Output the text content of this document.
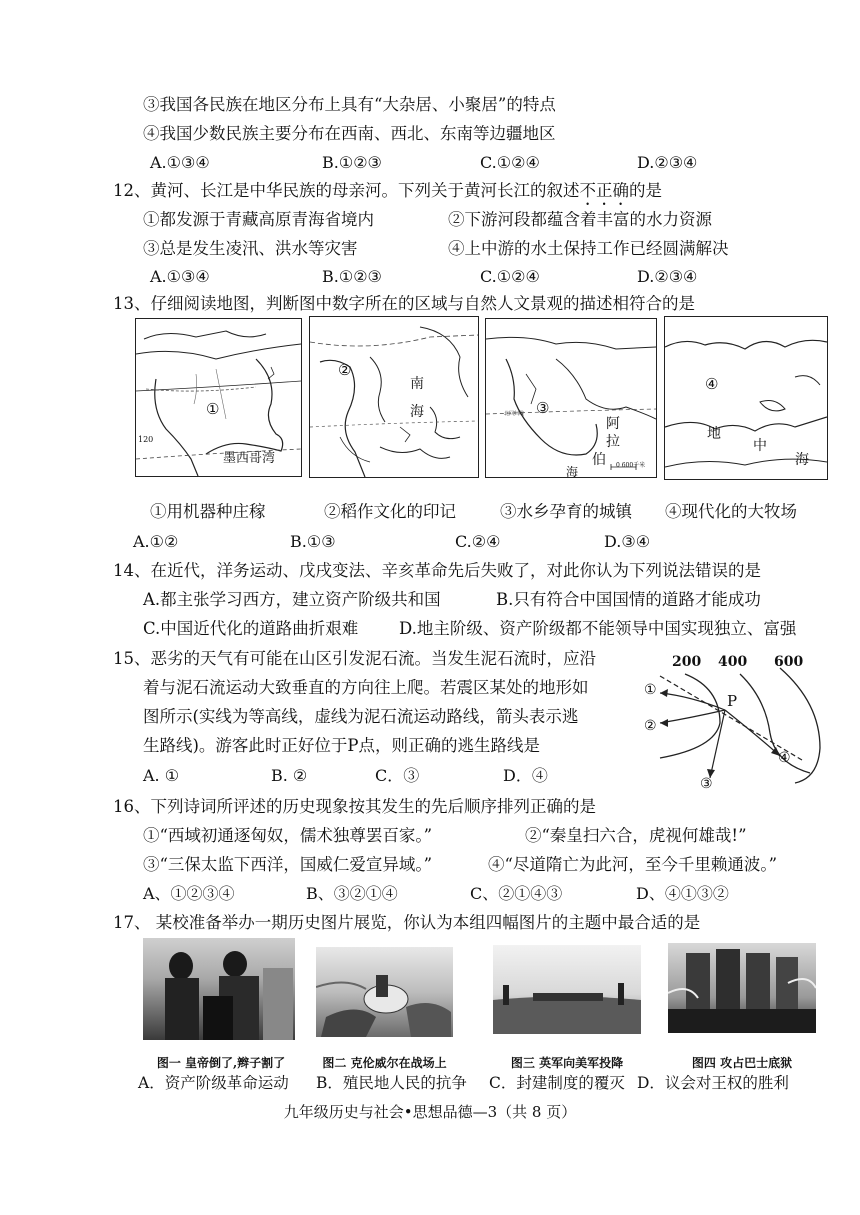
③我国各民族在地区分布上具有“大杂居、小聚居”的特点
④我国少数民族主要分布在西南、西北、东南等边疆地区
A.①③④	B.①②③	C.①②④	D.②③④
12、黄河、长江是中华民族的母亲河。下列关于黄河长江的叙述不正确的是
①都发源于青藏高原青海省境内	②下游河段都蕴含着丰富的水力资源
③总是发生凌汛、洪水等灾害	④上中游的水土保持工作已经圆满解决
A.①③④	B.①②③	C.①②④	D.②③④
13、仔细阅读地图，判断图中数字所在的区域与自然人文景观的描述相符合的是
①
墨西哥湾
120
②
南
海	③
阿
拉
伯
海	0 600千米
北回归线
④
地
中
海
①用机器种庄稼	②稻作文化的印记	③水乡孕育的城镇 ④现代化的大牧场
A.①②	B.①③	C.②④	D.③④
14、在近代，洋务运动、戊戌变法、辛亥革命先后失败了，对此你认为下列说法错误的是
A.都主张学习西方，建立资产阶级共和国	B.只有符合中国国情的道路才能成功
C.中国近代化的道路曲折艰难 D.地主阶级、资产阶级都不能领导中国实现独立、富强
15、恶劣的天气有可能在山区引发泥石流。当发生泥石流时，应沿
着与泥石流运动大致垂直的方向往上爬。若震区某处的地形如
图所示(实线为等高线，虚线为泥石流运动路线，箭头表示逃
生路线)。游客此时正好位于P点，则正确的逃生路线是
A. ①	B. ②	C．③	D．④
200 400 600
P
①
②
③
④
16、下列诗词所评述的历史现象按其发生的先后顺序排列正确的是
①“西域初通逐匈奴，儒术独尊罢百家。”	②“秦皇扫六合，虎视何雄哉!”
③“三保太监下西洋，国威仁爱宣异域。”	④“尽道隋亡为此河，至今千里赖通波。”
A、①②③④	B、③②①④	C、②①④③	D、④①③②
17、 某校准备举办一期历史图片展览，你认为本组四幅图片的主题中最合适的是
图一 皇帝倒了,辫子割了	图二 克伦威尔在战场上	图三 英军向美军投降	图四 攻占巴士底狱
A．资产阶级革命运动 B．殖民地人民的抗争 C．封建制度的覆灭 D．议会对王权的胜利
九年级历史与社会•思想品德—3（共 8 页）
